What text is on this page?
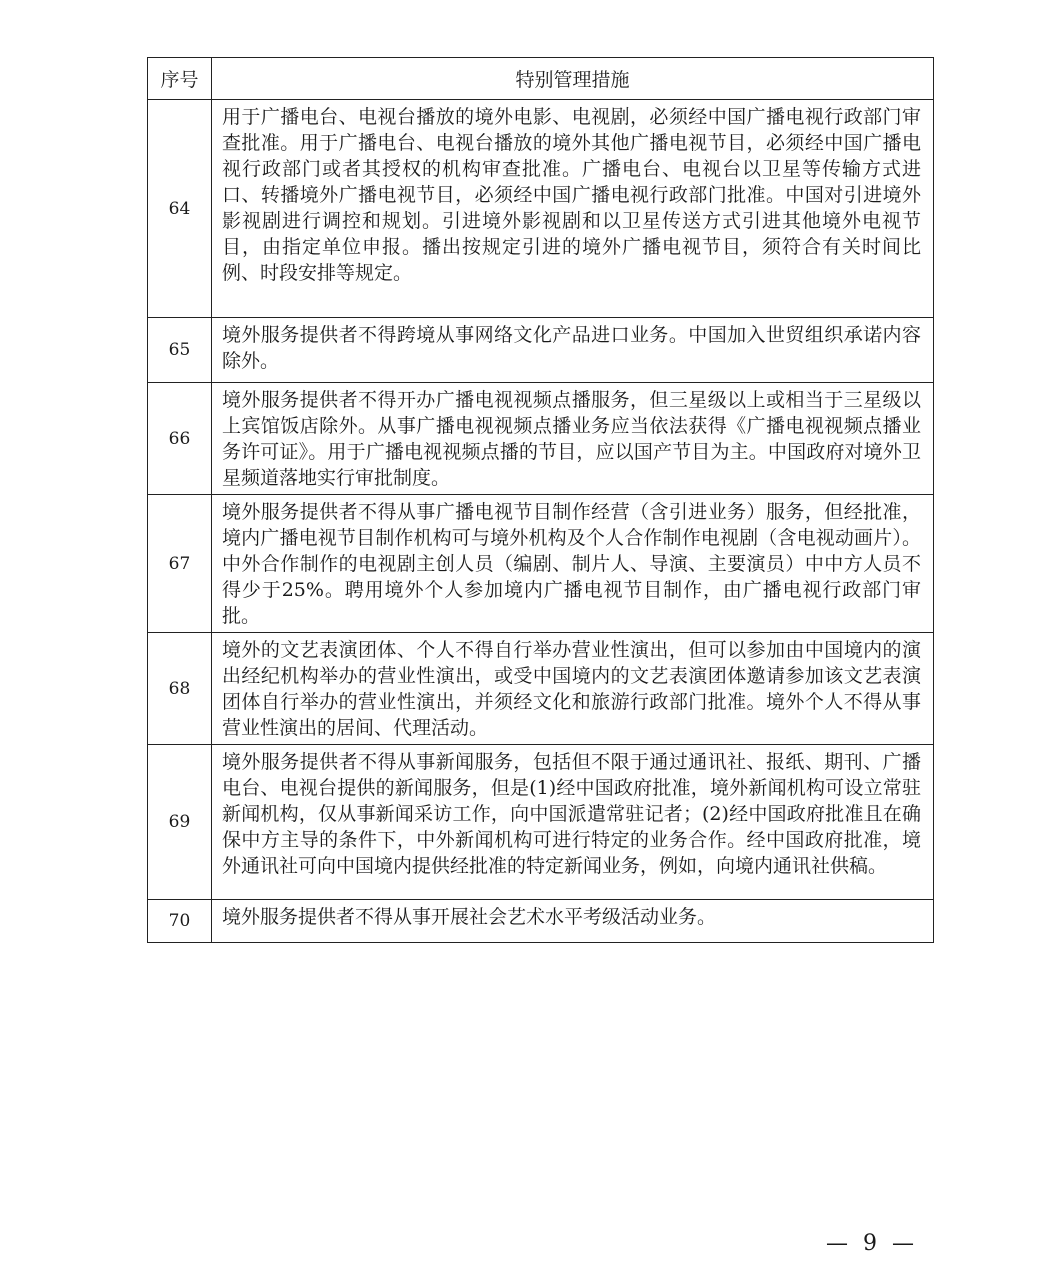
序号	特别管理措施
64	用于广播电台、电视台播放的境外电影、电视剧，必须经中国广播电视行政部门审查批准。用于广播电台、电视台播放的境外其他广播电视节目，必须经中国广播电视行政部门或者其授权的机构审查批准。广播电台、电视台以卫星等传输方式进口、转播境外广播电视节目，必须经中国广播电视行政部门批准。中国对引进境外影视剧进行调控和规划。引进境外影视剧和以卫星传送方式引进其他境外电视节目，由指定单位申报。播出按规定引进的境外广播电视节目，须符合有关时间比例、时段安排等规定。
65	境外服务提供者不得跨境从事网络文化产品进口业务。中国加入世贸组织承诺内容除外。
66	境外服务提供者不得开办广播电视视频点播服务，但三星级以上或相当于三星级以上宾馆饭店除外。从事广播电视视频点播业务应当依法获得《广播电视视频点播业务许可证》。用于广播电视视频点播的节目，应以国产节目为主。中国政府对境外卫星频道落地实行审批制度。
67	境外服务提供者不得从事广播电视节目制作经营（含引进业务）服务，但经批准，境内广播电视节目制作机构可与境外机构及个人合作制作电视剧（含电视动画片）。中外合作制作的电视剧主创人员（编剧、制片人、导演、主要演员）中中方人员不得少于25%。聘用境外个人参加境内广播电视节目制作，由广播电视行政部门审批。
68	境外的文艺表演团体、个人不得自行举办营业性演出，但可以参加由中国境内的演出经纪机构举办的营业性演出，或受中国境内的文艺表演团体邀请参加该文艺表演团体自行举办的营业性演出，并须经文化和旅游行政部门批准。境外个人不得从事营业性演出的居间、代理活动。
69	境外服务提供者不得从事新闻服务，包括但不限于通过通讯社、报纸、期刊、广播电台、电视台提供的新闻服务，但是(1)经中国政府批准，境外新闻机构可设立常驻新闻机构，仅从事新闻采访工作，向中国派遣常驻记者；(2)经中国政府批准且在确保中方主导的条件下，中外新闻机构可进行特定的业务合作。经中国政府批准，境外通讯社可向中国境内提供经批准的特定新闻业务，例如，向境内通讯社供稿。
70	境外服务提供者不得从事开展社会艺术水平考级活动业务。
— 9 —
